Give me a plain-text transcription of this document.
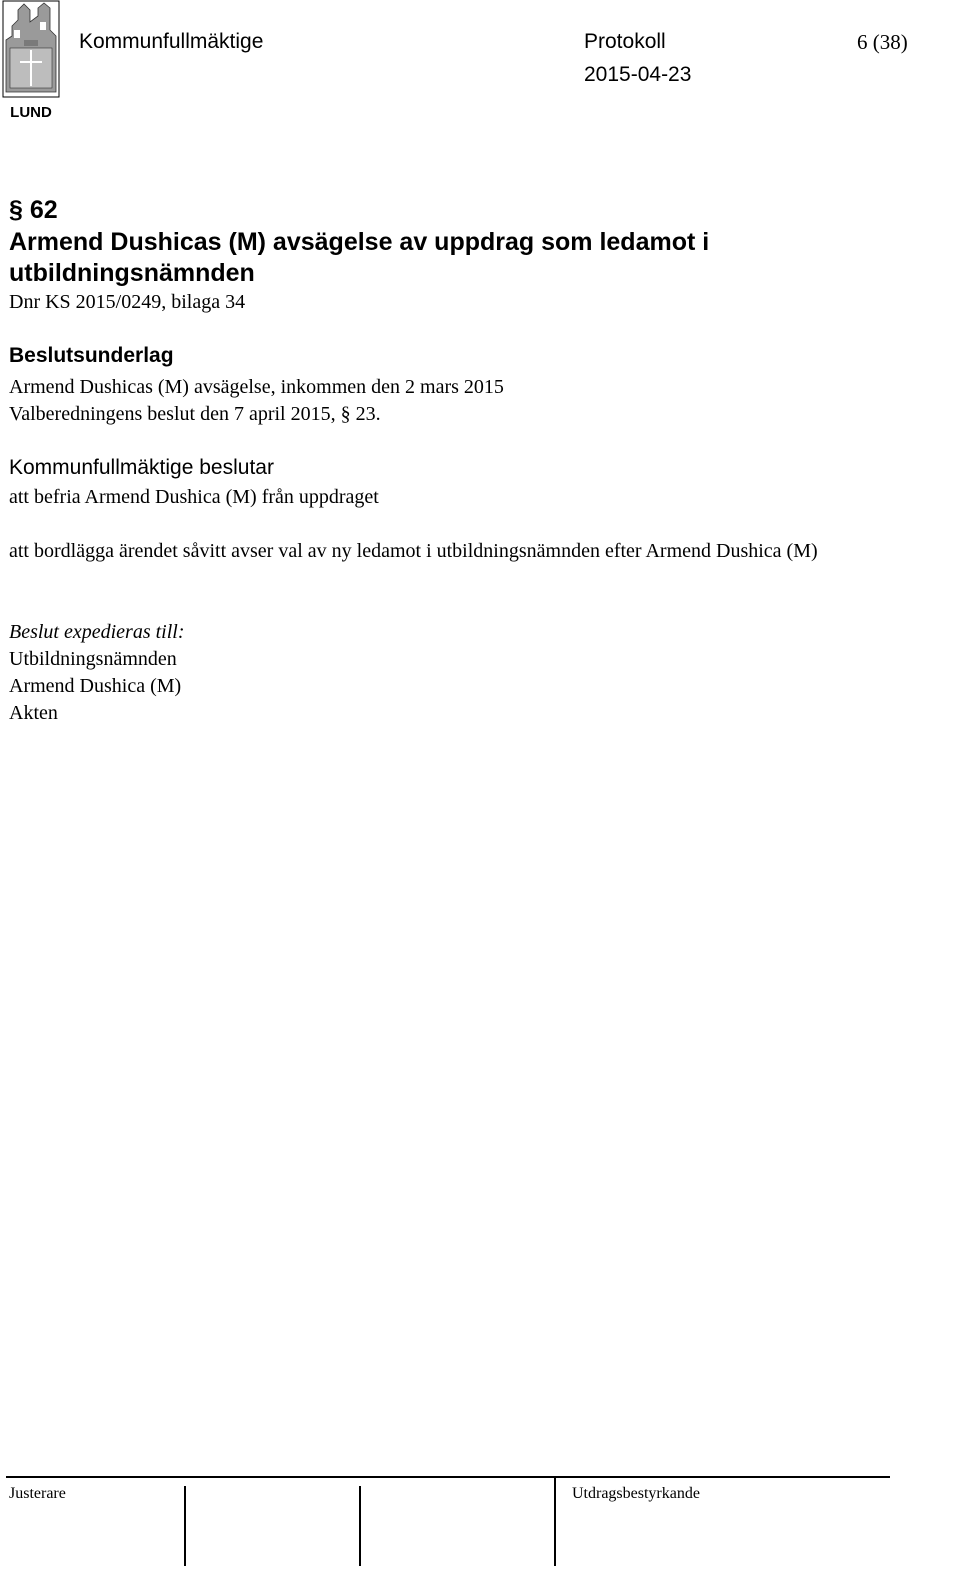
LUND
Kommunfullmäktige	Protokoll	6 (38)
2015-04-23
§ 62
Armend Dushicas (M) avsägelse av uppdrag som ledamot i
utbildningsnämnden
Dnr KS 2015/0249, bilaga 34
Beslutsunderlag
Armend Dushicas (M) avsägelse, inkommen den 2 mars 2015
Valberedningens beslut den 7 april 2015, § 23.
Kommunfullmäktige beslutar
att befria Armend Dushica (M) från uppdraget
att bordlägga ärendet såvitt avser val av ny ledamot i utbildningsnämnden efter Armend Dushica (M)
Beslut expedieras till:
Utbildningsnämnden
Armend Dushica (M)
Akten
Justerare	Utdragsbestyrkande
